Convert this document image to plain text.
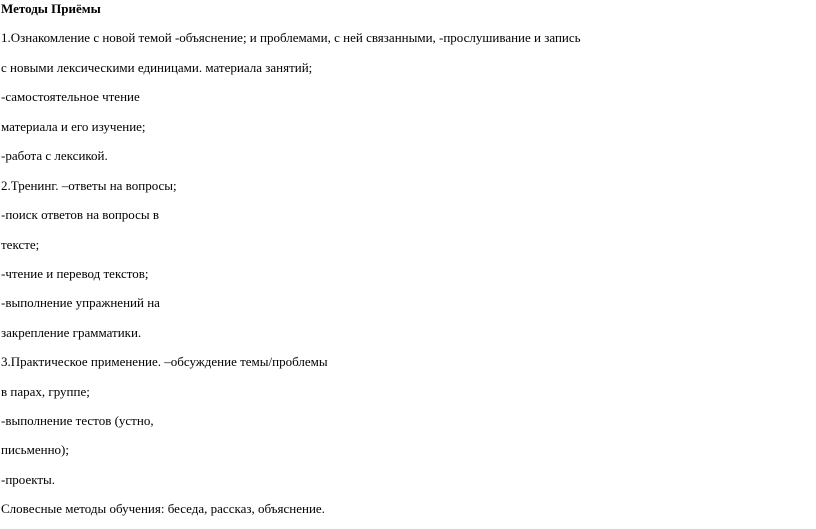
Методы Приёмы
1.Ознакомление с новой темой -объяснение; и проблемами, с ней связанными, -прослушивание и запись
с новыми лексическими единицами. материала занятий;
-самостоятельное чтение
материала и его изучение;
-работа с лексикой.
2.Тренинг. –ответы на вопросы;
-поиск ответов на вопросы в
тексте;
-чтение и перевод текстов;
-выполнение упражнений на
закрепление грамматики.
3.Практическое применение. –обсуждение темы/проблемы
в парах, группе;
-выполнение тестов (устно,
письменно);
-проекты.
Словесные методы обучения: беседа, рассказ, объяснение.
